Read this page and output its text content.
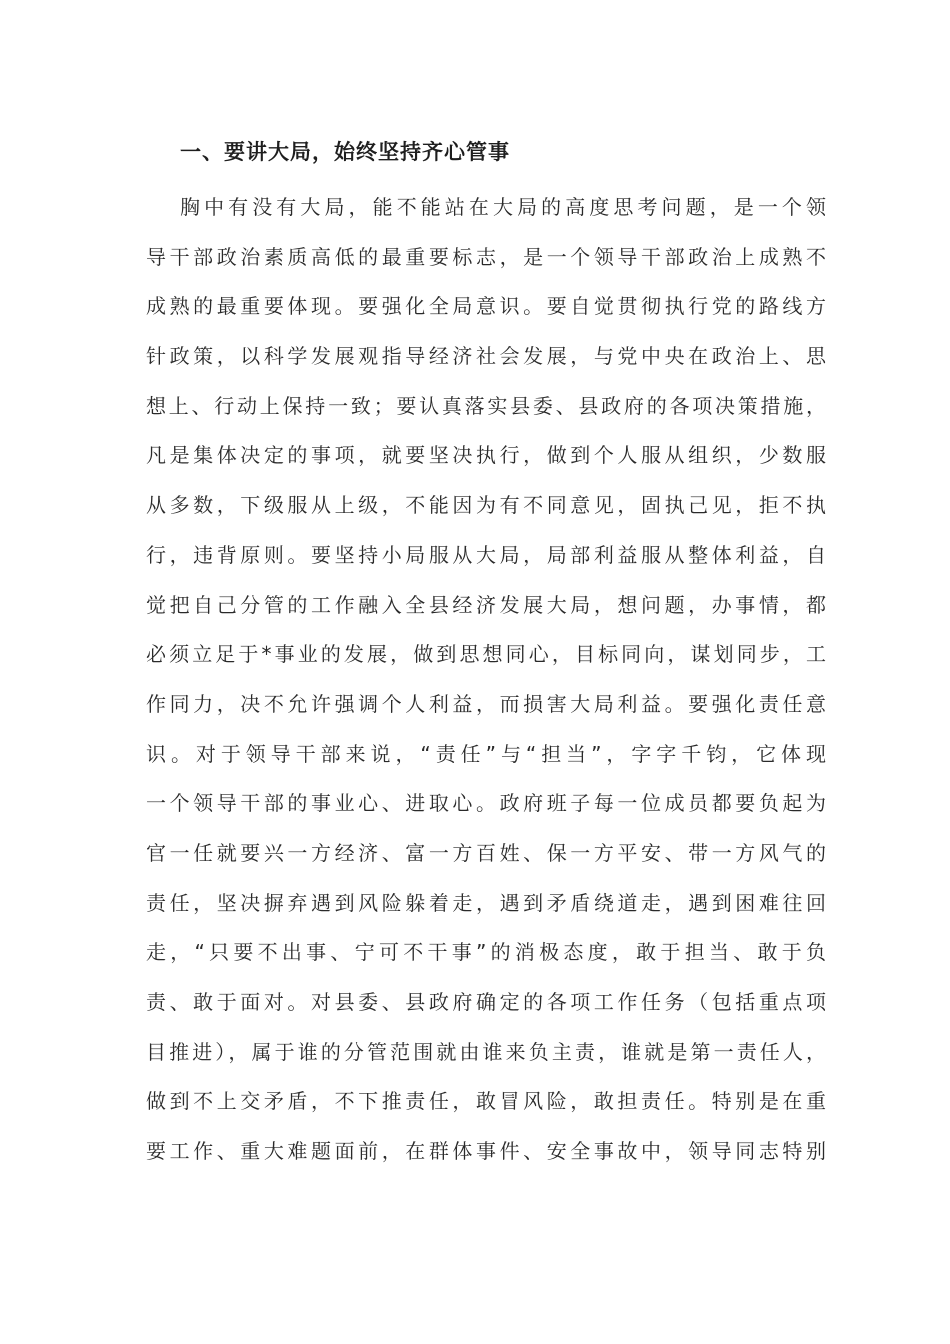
一、要讲大局，始终坚持齐心管事
胸中有没有大局，能不能站在大局的高度思考问题，是一个领
导干部政治素质高低的最重要标志，是一个领导干部政治上成熟不
成熟的最重要体现。要强化全局意识。要自觉贯彻执行党的路线方
针政策，以科学发展观指导经济社会发展，与党中央在政治上、思
想上、行动上保持一致；要认真落实县委、县政府的各项决策措施，
凡是集体决定的事项，就要坚决执行，做到个人服从组织，少数服
从多数，下级服从上级，不能因为有不同意见，固执己见，拒不执
行，违背原则。要坚持小局服从大局，局部利益服从整体利益，自
觉把自己分管的工作融入全县经济发展大局，想问题，办事情，都
必须立足于*事业的发展，做到思想同心，目标同向，谋划同步，工
作同力，决不允许强调个人利益，而损害大局利益。要强化责任意
识。对于领导干部来说，“责任”与“担当”，字字千钧，它体现
一个领导干部的事业心、进取心。政府班子每一位成员都要负起为
官一任就要兴一方经济、富一方百姓、保一方平安、带一方风气的
责任，坚决摒弃遇到风险躲着走，遇到矛盾绕道走，遇到困难往回
走，“只要不出事、宁可不干事”的消极态度，敢于担当、敢于负
责、敢于面对。对县委、县政府确定的各项工作任务（包括重点项
目推进），属于谁的分管范围就由谁来负主责，谁就是第一责任人，
做到不上交矛盾，不下推责任，敢冒风险，敢担责任。特别是在重
要工作、重大难题面前，在群体事件、安全事故中，领导同志特别
